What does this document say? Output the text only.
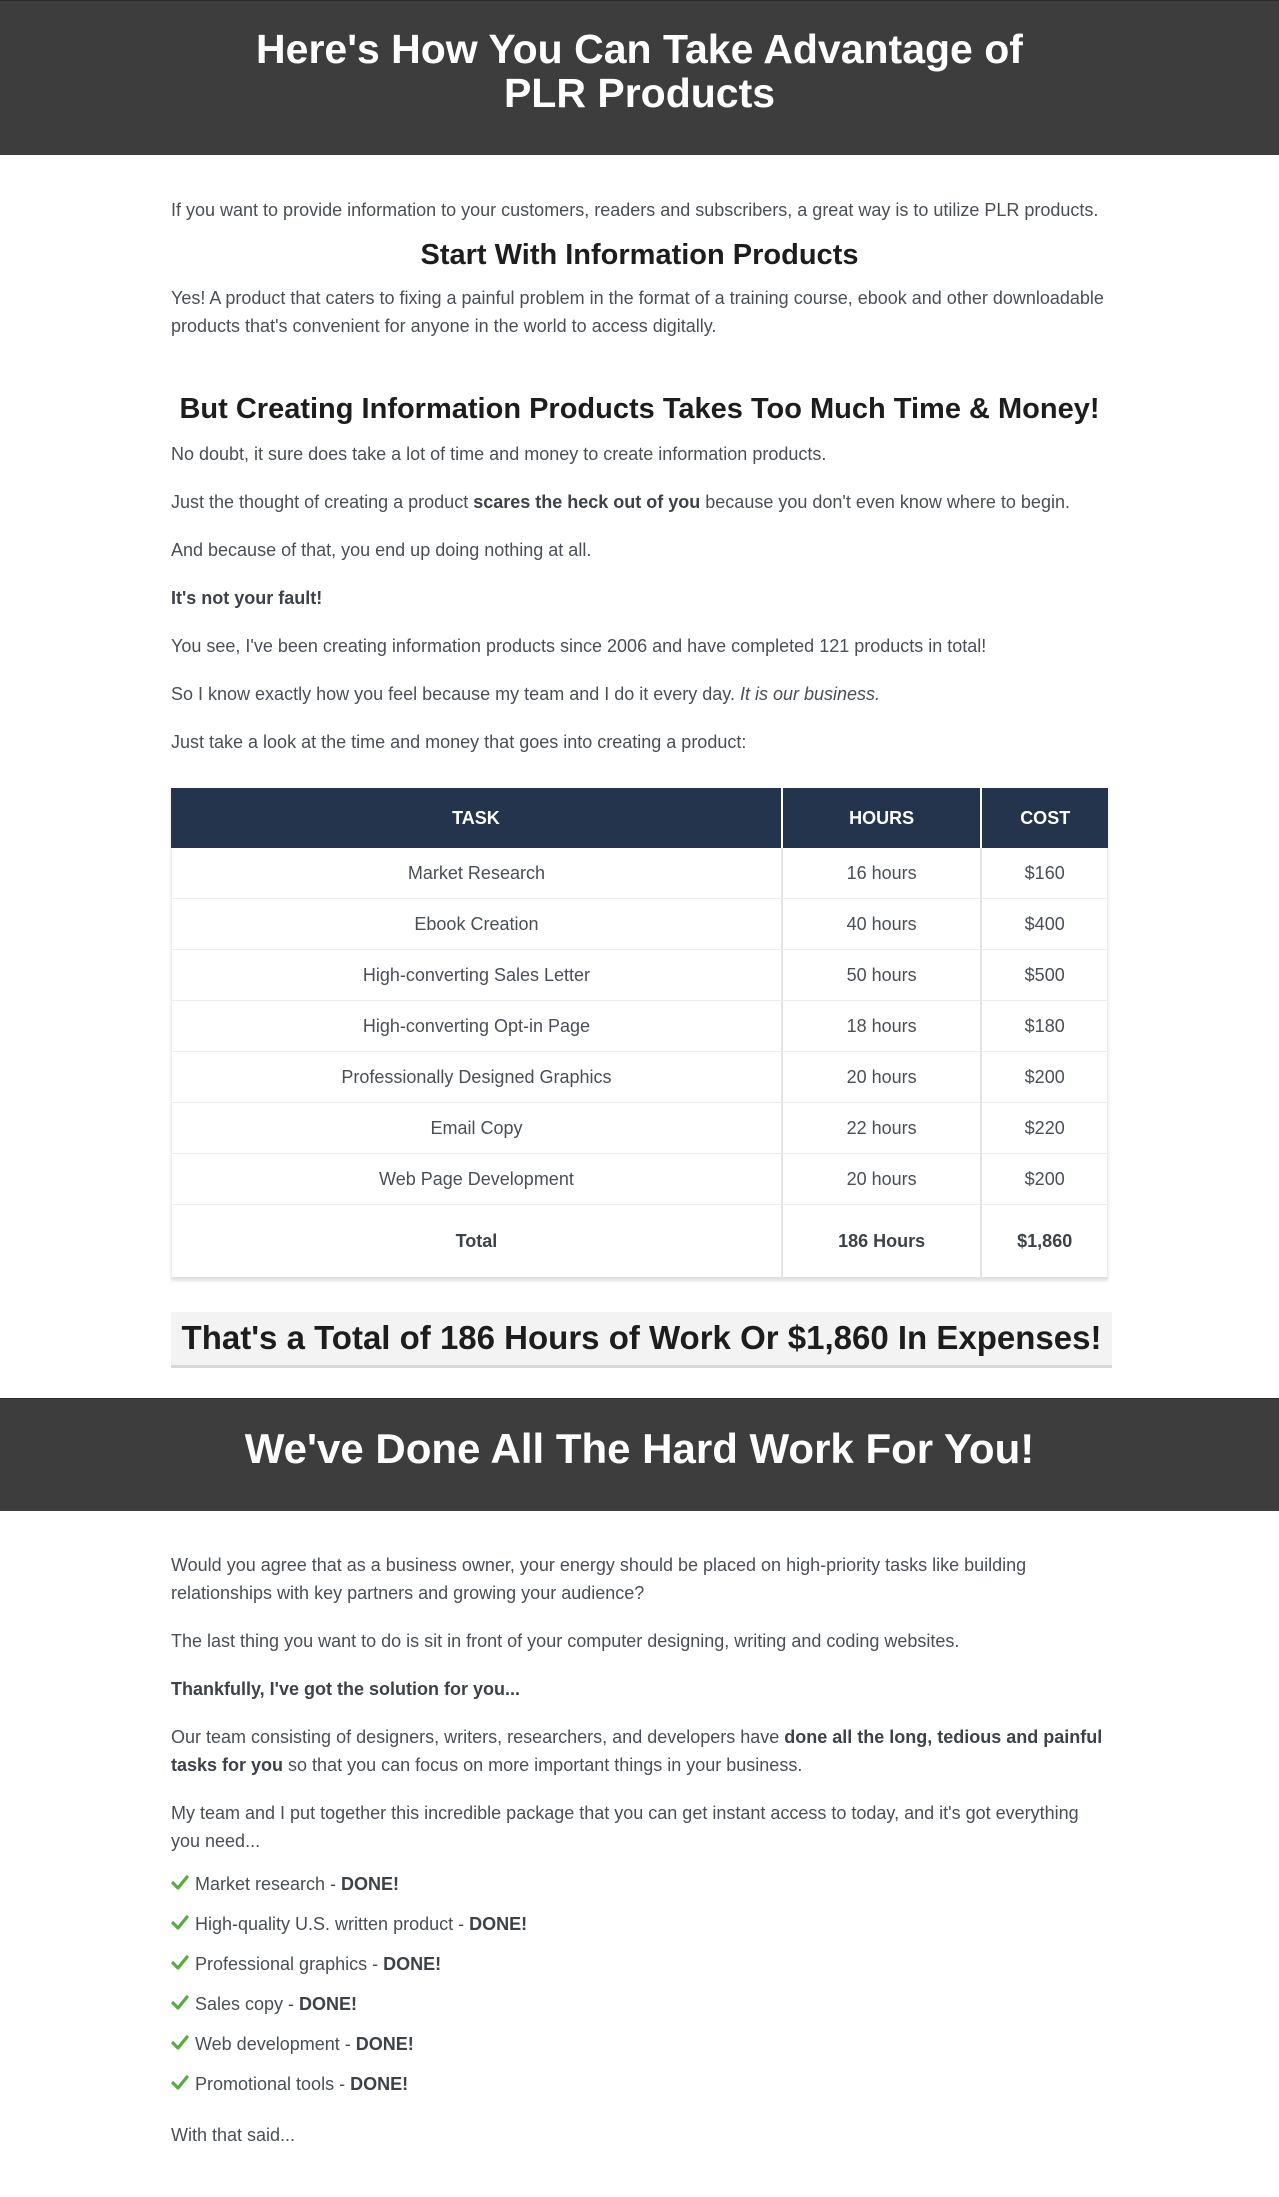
Here's How You Can Take Advantage of PLR Products

If you want to provide information to your customers, readers and subscribers, a great way is to utilize PLR products.

Start With Information Products

Yes! A product that caters to fixing a painful problem in the format of a training course, ebook and other downloadable products that's convenient for anyone in the world to access digitally.

But Creating Information Products Takes Too Much Time & Money!

No doubt, it sure does take a lot of time and money to create information products.

Just the thought of creating a product scares the heck out of you because you don't even know where to begin.

And because of that, you end up doing nothing at all.

It's not your fault!

You see, I've been creating information products since 2006 and have completed 121 products in total!

So I know exactly how you feel because my team and I do it every day. It is our business.

Just take a look at the time and money that goes into creating a product:

TASK	HOURS	COST
Market Research	16 hours	$160
Ebook Creation	40 hours	$400
High-converting Sales Letter	50 hours	$500
High-converting Opt-in Page	18 hours	$180
Professionally Designed Graphics	20 hours	$200
Email Copy	22 hours	$220
Web Page Development	20 hours	$200
Total	186 Hours	$1,860
That's a Total of 186 Hours of Work Or $1,860 In Expenses!
We've Done All The Hard Work For You!

Would you agree that as a business owner, your energy should be placed on high-priority tasks like building relationships with key partners and growing your audience?

The last thing you want to do is sit in front of your computer designing, writing and coding websites.

Thankfully, I've got the solution for you...

Our team consisting of designers, writers, researchers, and developers have done all the long, tedious and painful tasks for you so that you can focus on more important things in your business.

My team and I put together this incredible package that you can get instant access to today, and it's got everything you need...

Market research - DONE!
High-quality U.S. written product - DONE!
Professional graphics - DONE!
Sales copy - DONE!
Web development - DONE!
Promotional tools - DONE!

With that said...
